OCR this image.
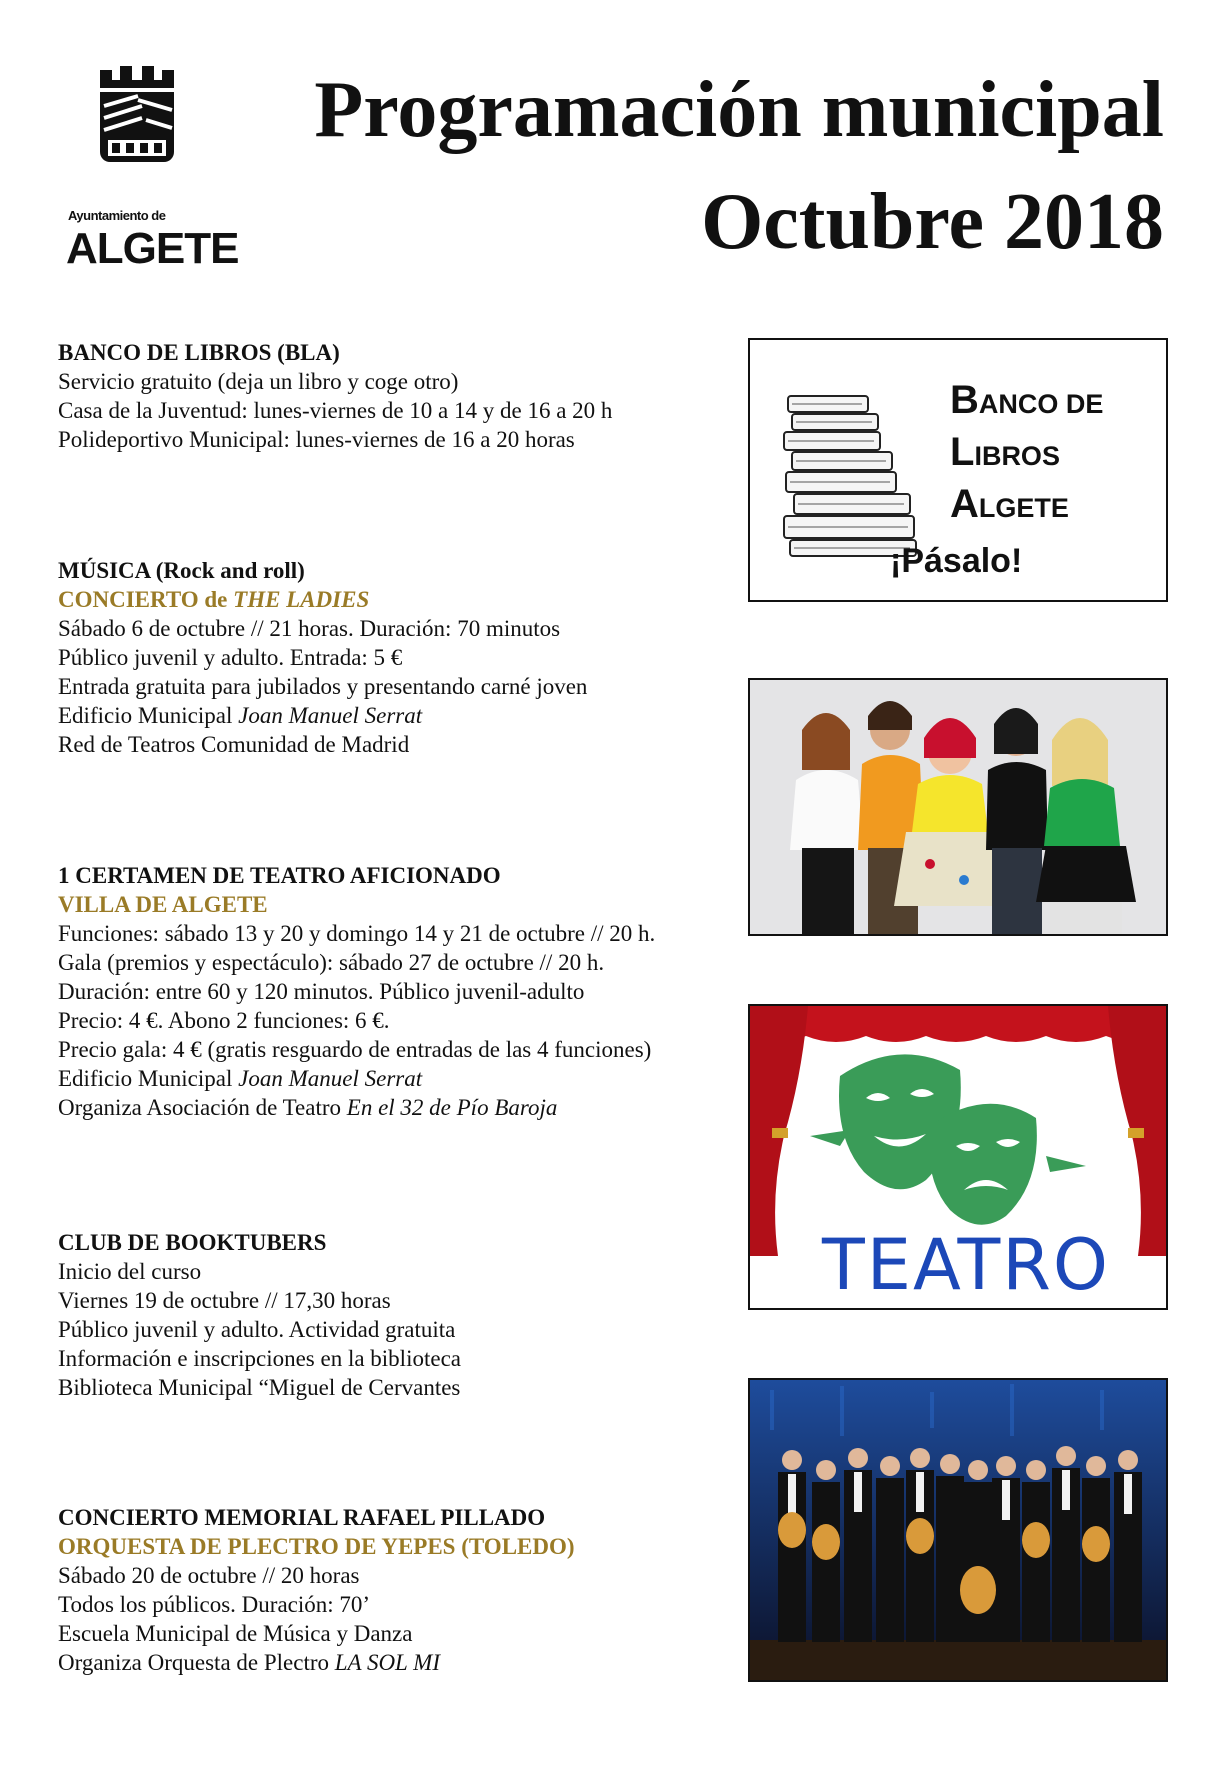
Ayuntamiento de
ALGETE
Programación municipal
Octubre 2018
BANCO DE LIBROS (BLA)
Servicio gratuito (deja un libro y coge otro)
Casa de la Juventud: lunes-viernes de 10 a 14 y de 16 a 20 h
Polideportivo Municipal: lunes-viernes de 16 a 20 horas
MÚSICA (Rock and roll)
CONCIERTO de THE LADIES
Sábado 6 de octubre // 21 horas. Duración: 70 minutos
Público juvenil y adulto. Entrada: 5 €
Entrada gratuita para jubilados y presentando carné joven
Edificio Municipal Joan Manuel Serrat
Red de Teatros Comunidad de Madrid
1 CERTAMEN DE TEATRO AFICIONADO
VILLA DE ALGETE
Funciones: sábado 13 y 20 y domingo 14 y 21 de octubre // 20 h.
Gala (premios y espectáculo): sábado 27 de octubre // 20 h.
Duración: entre 60 y 120 minutos. Público juvenil-adulto
Precio: 4 €. Abono 2 funciones: 6 €.
Precio gala: 4 € (gratis resguardo de entradas de las 4 funciones)
Edificio Municipal Joan Manuel Serrat
Organiza Asociación de Teatro En el 32 de Pío Baroja
CLUB DE BOOKTUBERS
Inicio del curso
Viernes 19 de octubre // 17,30 horas
Público juvenil y adulto. Actividad gratuita
Información e inscripciones en la biblioteca
Biblioteca Municipal “Miguel de Cervantes
CONCIERTO MEMORIAL RAFAEL PILLADO
ORQUESTA DE PLECTRO DE YEPES (TOLEDO)
Sábado 20 de octubre // 20 horas
Todos los públicos. Duración: 70’
Escuela Municipal de Música y Danza
Organiza Orquesta de Plectro LA SOL MI
BANCO DE
LIBROS
ALGETE
¡Pásalo!
TEATRO
